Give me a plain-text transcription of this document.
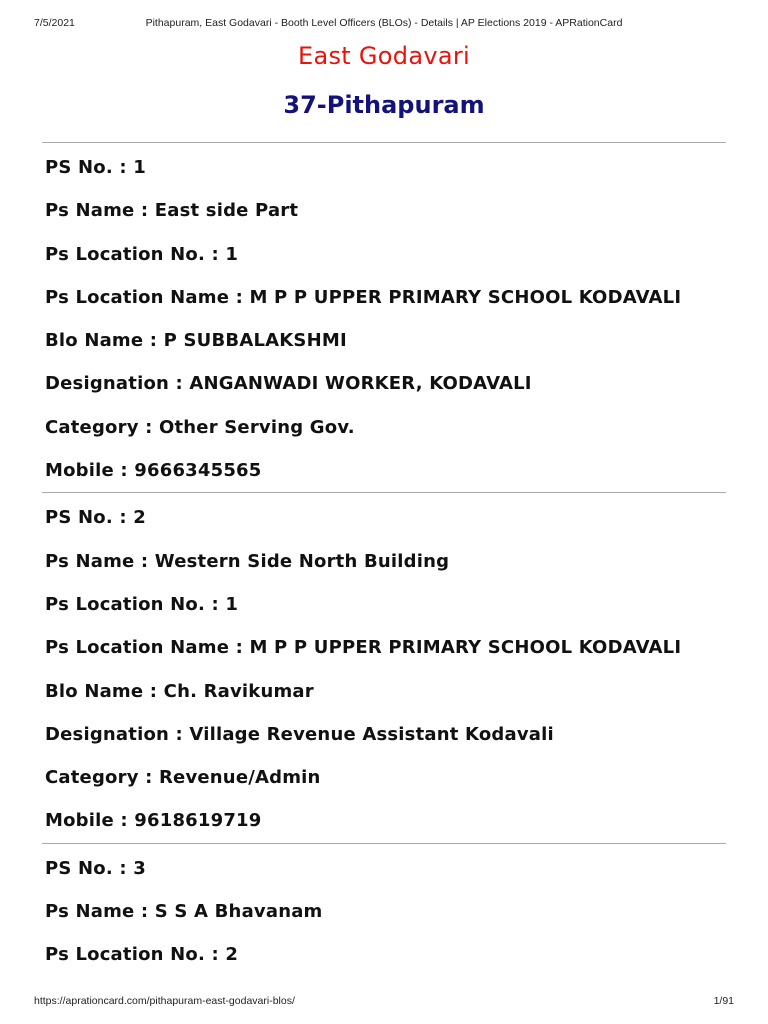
7/5/2021	Pithapuram, East Godavari - Booth Level Officers (BLOs) - Details | AP Elections 2019 - APRationCard
East Godavari
37-Pithapuram
PS No. : 1
Ps Name : East side Part
Ps Location No. : 1
Ps Location Name : M P P UPPER PRIMARY SCHOOL KODAVALI
Blo Name : P SUBBALAKSHMI
Designation : ANGANWADI WORKER, KODAVALI
Category : Other Serving Gov.
Mobile : 9666345565
PS No. : 2
Ps Name : Western Side North Building
Ps Location No. : 1
Ps Location Name : M P P UPPER PRIMARY SCHOOL KODAVALI
Blo Name : Ch. Ravikumar
Designation : Village Revenue Assistant Kodavali
Category : Revenue/Admin
Mobile : 9618619719
PS No. : 3
Ps Name : S S A Bhavanam
Ps Location No. : 2
https://aprationcard.com/pithapuram-east-godavari-blos/	1/91
